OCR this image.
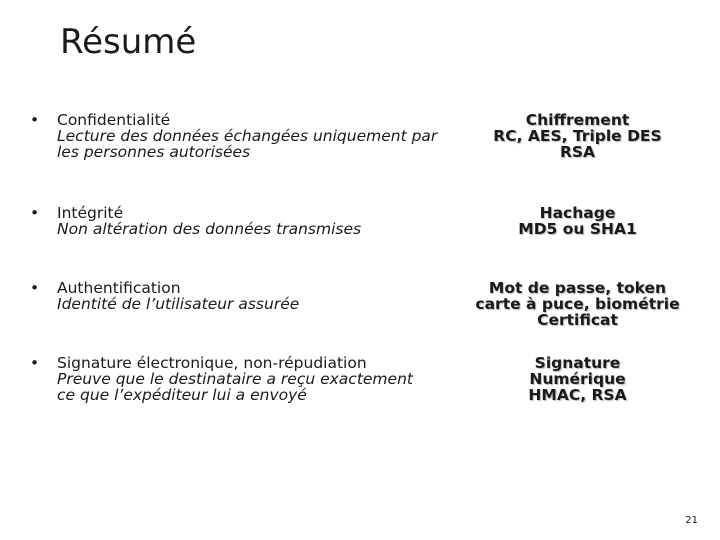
Résumé
•	Confidentialité
Lecture des données échangées uniquement par
les personnes autorisées
Chiffrement
RC, AES, Triple DES
RSA
•	Intégrité
Non altération des données transmises
Hachage
MD5 ou SHA1
•	Authentification
Identité de l’utilisateur assurée
Mot de passe, token
carte à puce, biométrie
Certificat
•	Signature électronique, non-répudiation
Preuve que le destinataire a reçu exactement
ce que l’expéditeur lui a envoyé
Signature
Numérique
HMAC, RSA
21
